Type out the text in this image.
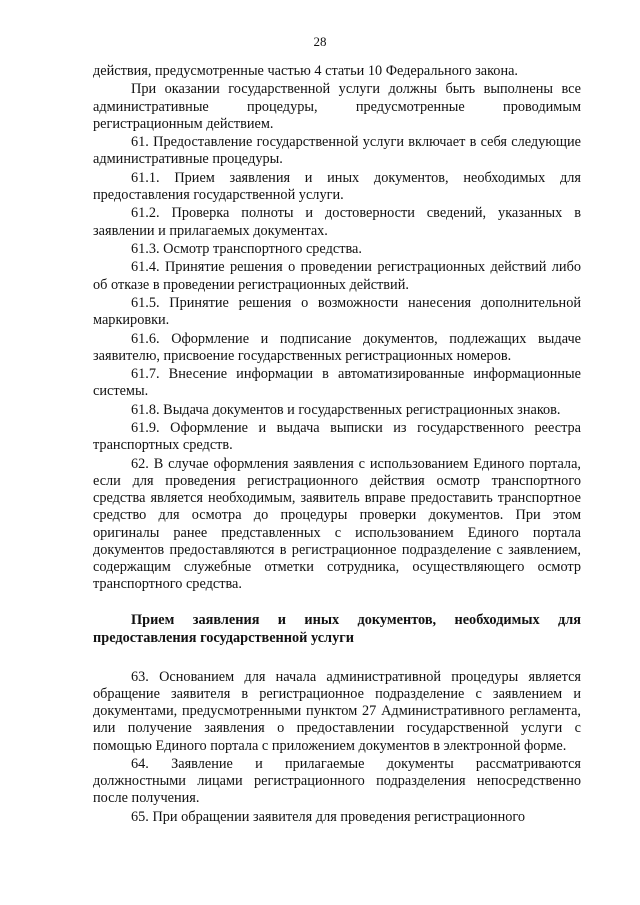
28

действия, предусмотренные частью 4 статьи 10 Федерального закона.

При оказании государственной услуги должны быть выполнены все административные процедуры, предусмотренные проводимым регистрационным действием.

61. Предоставление государственной услуги включает в себя следующие административные процедуры.

61.1. Прием заявления и иных документов, необходимых для предоставления государственной услуги.

61.2. Проверка полноты и достоверности сведений, указанных в заявлении и прилагаемых документах.

61.3. Осмотр транспортного средства.

61.4. Принятие решения о проведении регистрационных действий либо об отказе в проведении регистрационных действий.

61.5. Принятие решения о возможности нанесения дополнительной маркировки.

61.6. Оформление и подписание документов, подлежащих выдаче заявителю, присвоение государственных регистрационных номеров.

61.7. Внесение информации в автоматизированные информационные системы.

61.8. Выдача документов и государственных регистрационных знаков.

61.9. Оформление и выдача выписки из государственного реестра транспортных средств.

62. В случае оформления заявления с использованием Единого портала, если для проведения регистрационного действия осмотр транспортного средства является необходимым, заявитель вправе предоставить транспортное средство для осмотра до процедуры проверки документов. При этом оригиналы ранее представленных с использованием Единого портала документов предоставляются в регистрационное подразделение с заявлением, содержащим служебные отметки сотрудника, осуществляющего осмотр транспортного средства.

Прием заявления и иных документов, необходимых для предоставления государственной услуги

63. Основанием для начала административной процедуры является обращение заявителя в регистрационное подразделение с заявлением и документами, предусмотренными пунктом 27 Административного регламента, или получение заявления о предоставлении государственной услуги с помощью Единого портала с приложением документов в электронной форме.

64. Заявление и прилагаемые документы рассматриваются должностными лицами регистрационного подразделения непосредственно после получения.

65. При обращении заявителя для проведения регистрационного
